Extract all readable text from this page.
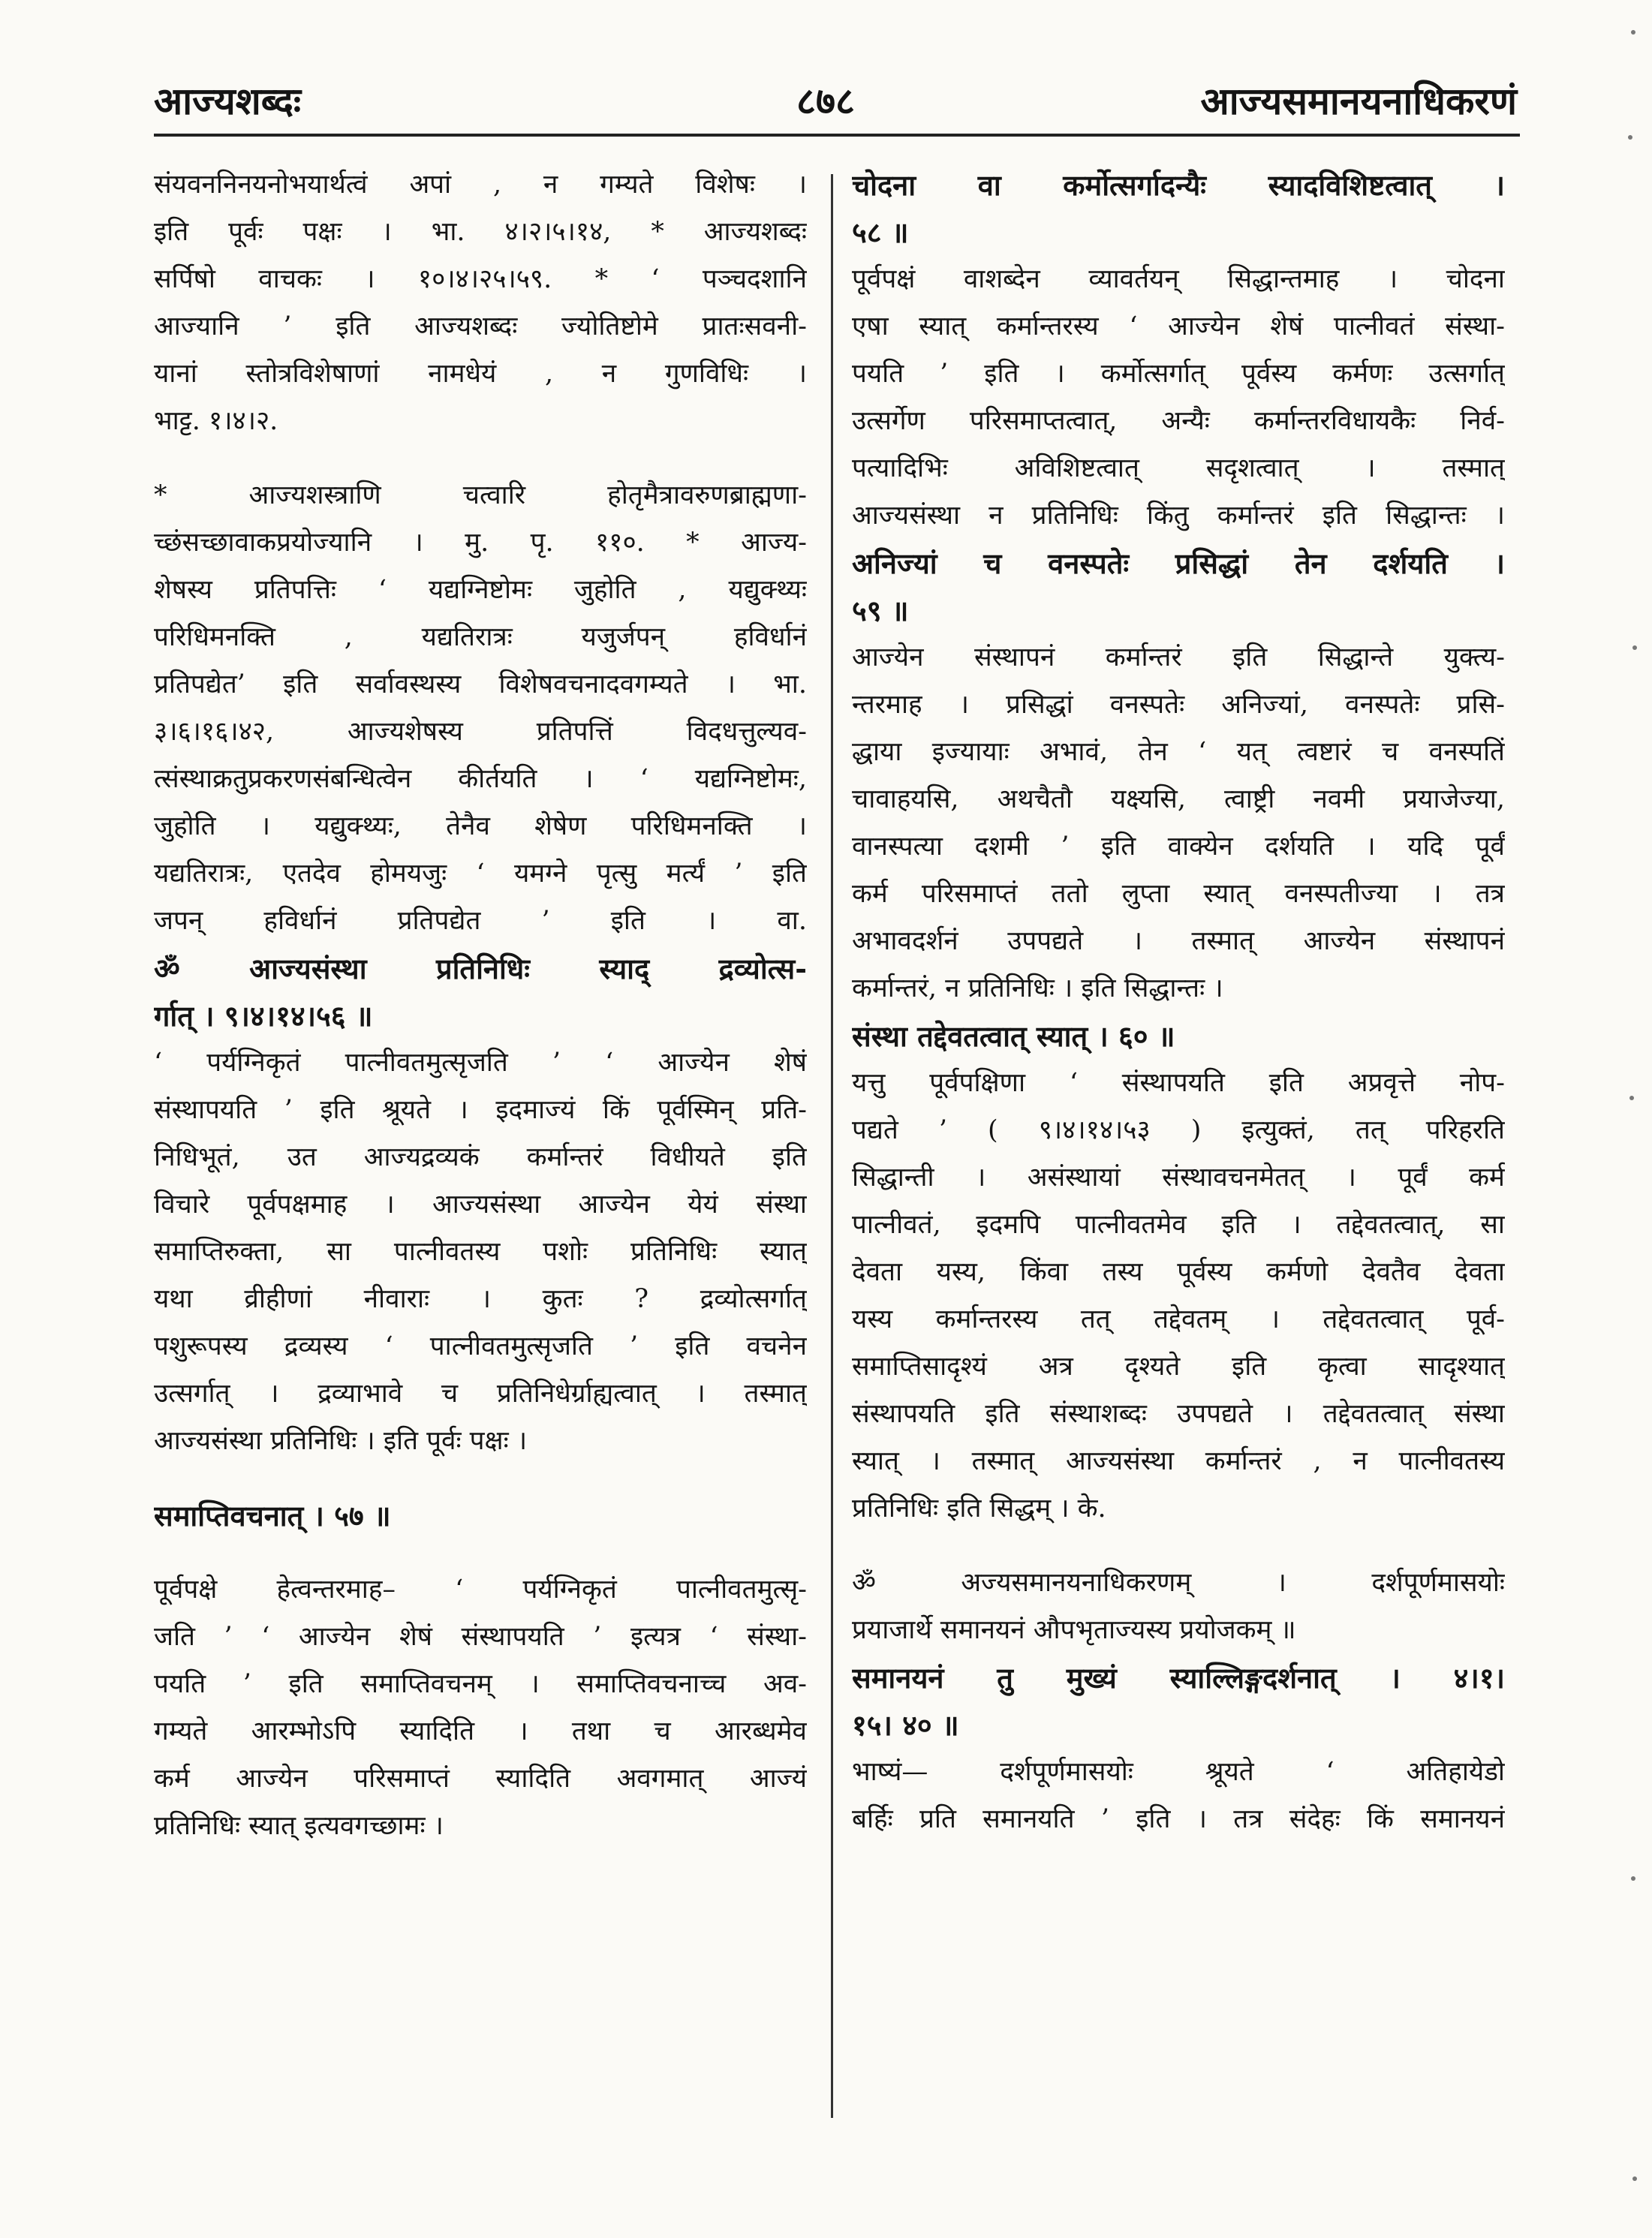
आज्यशब्दः	८७८	आज्यसमानयनाधिकरणं
संयवननिनयनोभयार्थत्वं अपां , न गम्यते विशेषः ।
इति पूर्वः पक्षः । भा. ४।२।५।१४, * आज्यशब्दः
सर्पिषो वाचकः । १०।४।२५।५९. * ‘ पञ्चदशानि
आज्यानि ’ इति आज्यशब्दः ज्योतिष्टोमे प्रातःसवनी-
यानां स्तोत्रविशेषाणां नामधेयं , न गुणविधिः ।
भाट्ट. १।४।२.
* आज्यशस्त्राणि चत्वारि होतृमैत्रावरुणब्राह्मणा-
च्छंसच्छावाकप्रयोज्यानि । मु. पृ. ११०. * आज्य-
शेषस्य प्रतिपत्तिः ‘ यद्यग्निष्टोमः जुहोति , यद्युक्थ्यः
परिधिमनक्ति , यद्यतिरात्रः यजुर्जपन् हविर्धानं
प्रतिपद्येत’ इति सर्वावस्थस्य विशेषवचनादवगम्यते । भा.
३।६।१६।४२, आज्यशेषस्य प्रतिपत्तिं विदधत्तुल्यव-
त्संस्थाक्रतुप्रकरणसंबन्धित्वेन कीर्तयति । ‘ यद्यग्निष्टोमः,
जुहोति । यद्युक्थ्यः, तेनैव शेषेण परिधिमनक्ति ।
यद्यतिरात्रः, एतदेव होमयजुः ‘ यमग्ने पृत्सु मर्त्यं ’ इति
जपन् हविर्धानं प्रतिपद्येत ’ इति । वा.
ॐ आज्यसंस्था प्रतिनिधिः स्याद् द्रव्योत्स-
र्गात् । ९।४।१४।५६ ॥
‘ पर्यग्निकृतं पात्नीवतमुत्सृजति ’ ‘ आज्येन शेषं
संस्थापयति ’ इति श्रूयते । इदमाज्यं किं पूर्वस्मिन् प्रति-
निधिभूतं, उत आज्यद्रव्यकं कर्मान्तरं विधीयते इति
विचारे पूर्वपक्षमाह । आज्यसंस्था आज्येन येयं संस्था
समाप्तिरुक्ता, सा पात्नीवतस्य पशोः प्रतिनिधिः स्यात्
यथा व्रीहीणां नीवाराः । कुतः ? द्रव्योत्सर्गात्
पशुरूपस्य द्रव्यस्य ‘ पात्नीवतमुत्सृजति ’ इति वचनेन
उत्सर्गात् । द्रव्याभावे च प्रतिनिधेर्ग्राह्यत्वात् । तस्मात्
आज्यसंस्था प्रतिनिधिः । इति पूर्वः पक्षः ।
समाप्तिवचनात् । ५७ ॥
पूर्वपक्षे हेत्वन्तरमाह– ‘ पर्यग्निकृतं पात्नीवतमुत्सृ-
जति ’ ‘ आज्येन शेषं संस्थापयति ’ इत्यत्र ‘ संस्था-
पयति ’ इति समाप्तिवचनम् । समाप्तिवचनाच्च अव-
गम्यते आरम्भोऽपि स्यादिति । तथा च आरब्धमेव
कर्म आज्येन परिसमाप्तं स्यादिति अवगमात् आज्यं
प्रतिनिधिः स्यात् इत्यवगच्छामः ।
चोदना वा कर्मोत्सर्गादन्यैः स्यादविशिष्टत्वात् ।
५८ ॥
पूर्वपक्षं वाशब्देन व्यावर्तयन् सिद्धान्तमाह । चोदना
एषा स्यात् कर्मान्तरस्य ‘ आज्येन शेषं पात्नीवतं संस्था-
पयति ’ इति । कर्मोत्सर्गात् पूर्वस्य कर्मणः उत्सर्गात्
उत्सर्गेण परिसमाप्तत्वात्, अन्यैः कर्मान्तरविधायकैः निर्व-
पत्यादिभिः अविशिष्टत्वात् सदृशत्वात् । तस्मात्
आज्यसंस्था न प्रतिनिधिः किंतु कर्मान्तरं इति सिद्धान्तः ।
अनिज्यां च वनस्पतेः प्रसिद्धां तेन दर्शयति ।
५९ ॥
आज्येन संस्थापनं कर्मान्तरं इति सिद्धान्ते युक्त्य-
न्तरमाह । प्रसिद्धां वनस्पतेः अनिज्यां, वनस्पतेः प्रसि-
द्धाया इज्यायाः अभावं, तेन ‘ यत् त्वष्टारं च वनस्पतिं
चावाहयसि, अथचैतौ यक्ष्यसि, त्वाष्ट्री नवमी प्रयाजेज्या,
वानस्पत्या दशमी ’ इति वाक्येन दर्शयति । यदि पूर्वं
कर्म परिसमाप्तं ततो लुप्ता स्यात् वनस्पतीज्या । तत्र
अभावदर्शनं उपपद्यते । तस्मात् आज्येन संस्थापनं
कर्मान्तरं, न प्रतिनिधिः । इति सिद्धान्तः ।
संस्था तद्देवतत्वात् स्यात् । ६० ॥
यत्तु पूर्वपक्षिणा ‘ संस्थापयति इति अप्रवृत्ते नोप-
पद्यते ’ ( ९।४।१४।५३ ) इत्युक्तं, तत् परिहरति
सिद्धान्ती । असंस्थायां संस्थावचनमेतत् । पूर्वं कर्म
पात्नीवतं, इदमपि पात्नीवतमेव इति । तद्देवतत्वात्, सा
देवता यस्य, किंवा तस्य पूर्वस्य कर्मणो देवतैव देवता
यस्य कर्मान्तरस्य तत् तद्देवतम् । तद्देवतत्वात् पूर्व-
समाप्तिसादृश्यं अत्र दृश्यते इति कृत्वा सादृश्यात्
संस्थापयति इति संस्थाशब्दः उपपद्यते । तद्देवतत्वात् संस्था
स्यात् । तस्मात् आज्यसंस्था कर्मान्तरं , न पात्नीवतस्य
प्रतिनिधिः इति सिद्धम् । के.
ॐ अज्यसमानयनाधिकरणम् । दर्शपूर्णमासयोः
प्रयाजार्थे समानयनं औपभृताज्यस्य प्रयोजकम् ॥
समानयनं तु मुख्यं स्याल्लिङ्गदर्शनात् । ४।१।
१५। ४० ॥
भाष्यं— दर्शपूर्णमासयोः श्रूयते ‘ अतिहायेडो
बर्हिः प्रति समानयति ’ इति । तत्र संदेहः किं समानयनं
